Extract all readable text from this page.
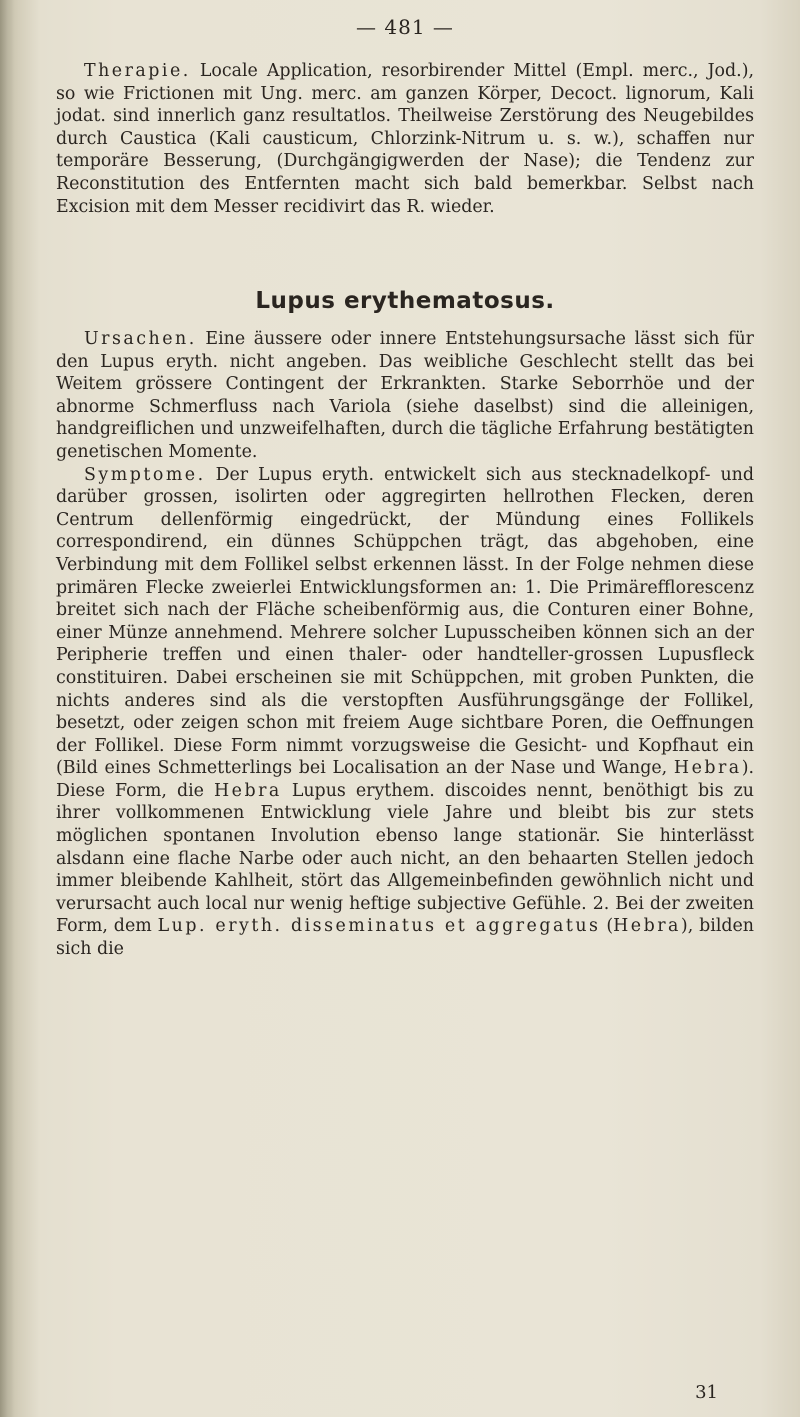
— 481 —

Therapie. Locale Application, resorbirender Mittel (Empl. merc., Jod.), so wie Frictionen mit Ung. merc. am ganzen Körper, Decoct. lignorum, Kali jodat. sind innerlich ganz resultatlos. Theilweise Zerstörung des Neugebildes durch Caustica (Kali causticum, Chlorzink-Nitrum u. s. w.), schaffen nur temporäre Besserung, (Durchgängigwerden der Nase); die Tendenz zur Reconstitution des Entfernten macht sich bald bemerkbar. Selbst nach Excision mit dem Messer recidivirt das R. wieder.

Lupus erythematosus.

Ursachen. Eine äussere oder innere Entstehungsursache lässt sich für den Lupus eryth. nicht angeben. Das weibliche Geschlecht stellt das bei Weitem grössere Contingent der Erkrankten. Starke Seborrhöe und der abnorme Schmerfluss nach Variola (siehe daselbst) sind die alleinigen, handgreiflichen und unzweifelhaften, durch die tägliche Erfahrung bestätigten genetischen Momente.

Symptome. Der Lupus eryth. entwickelt sich aus stecknadelkopf- und darüber grossen, isolirten oder aggregirten hellrothen Flecken, deren Centrum dellenförmig eingedrückt, der Mündung eines Follikels correspondirend, ein dünnes Schüppchen trägt, das abgehoben, eine Verbindung mit dem Follikel selbst erkennen lässt. In der Folge nehmen diese primären Flecke zweierlei Entwicklungsformen an: 1. Die Primärefflorescenz breitet sich nach der Fläche scheibenförmig aus, die Conturen einer Bohne, einer Münze annehmend. Mehrere solcher Lupusscheiben können sich an der Peripherie treffen und einen thaler- oder handteller-grossen Lupusfleck constituiren. Dabei erscheinen sie mit Schüppchen, mit groben Punkten, die nichts anderes sind als die verstopften Ausführungsgänge der Follikel, besetzt, oder zeigen schon mit freiem Auge sichtbare Poren, die Oeffnungen der Follikel. Diese Form nimmt vorzugsweise die Gesicht- und Kopfhaut ein (Bild eines Schmetterlings bei Localisation an der Nase und Wange, Hebra). Diese Form, die Hebra Lupus erythem. discoides nennt, benöthigt bis zu ihrer vollkommenen Entwicklung viele Jahre und bleibt bis zur stets möglichen spontanen Involution ebenso lange stationär. Sie hinterlässt alsdann eine flache Narbe oder auch nicht, an den behaarten Stellen jedoch immer bleibende Kahlheit, stört das Allgemeinbefinden gewöhnlich nicht und verursacht auch local nur wenig heftige subjective Gefühle. 2. Bei der zweiten Form, dem Lup. eryth. disseminatus et aggregatus (Hebra), bilden sich die

31
